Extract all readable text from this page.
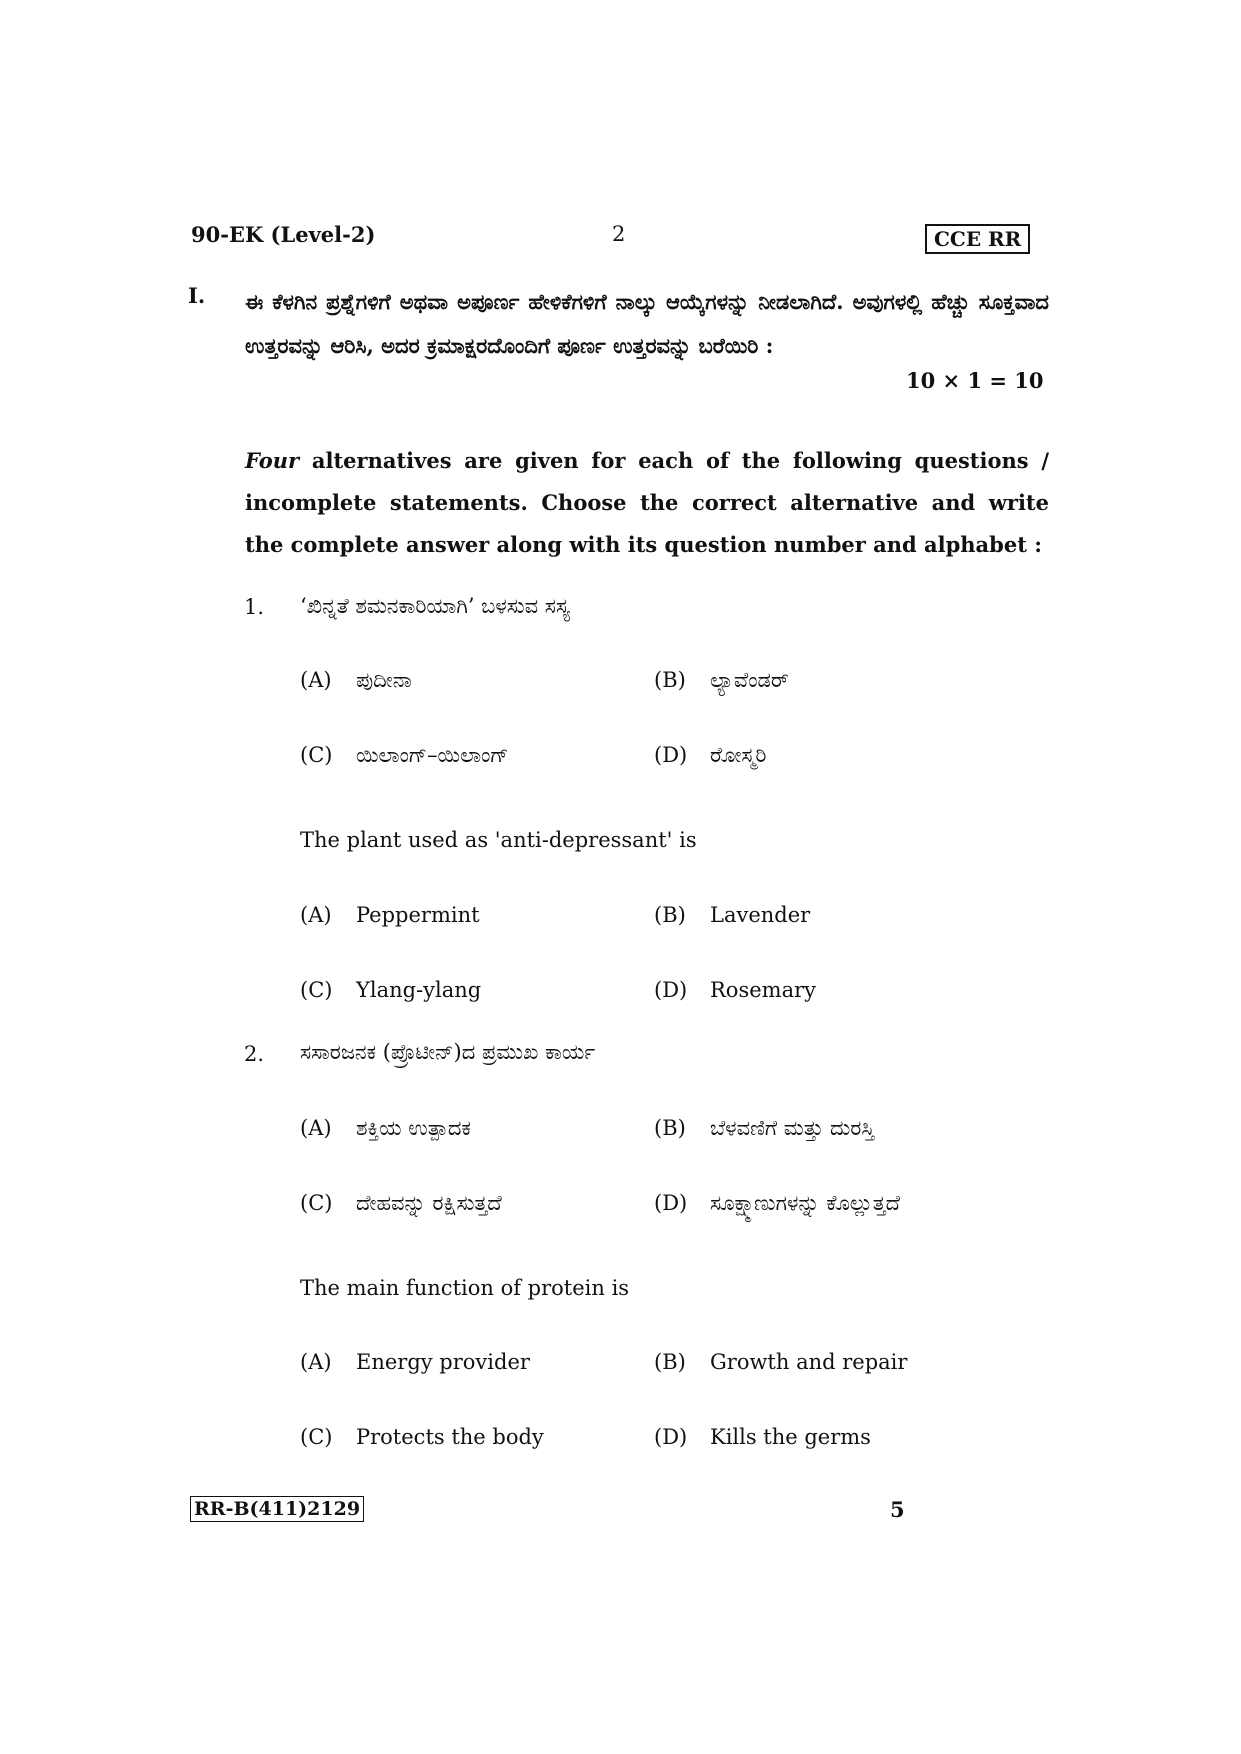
90-EK (Level-2)	2	CCE RR
I. ಈ ಕೆಳಗಿನ ಪ್ರಶ್ನೆಗಳಿಗೆ ಅಥವಾ ಅಪೂರ್ಣ ಹೇಳಿಕೆಗಳಿಗೆ ನಾಲ್ಕು ಆಯ್ಕೆಗಳನ್ನು ನೀಡಲಾಗಿದೆ. ಅವುಗಳಲ್ಲಿ ಹೆಚ್ಚು ಸೂಕ್ತವಾದ ಉತ್ತರವನ್ನು ಆರಿಸಿ, ಅದರ ಕ್ರಮಾಕ್ಷರದೊಂದಿಗೆ ಪೂರ್ಣ ಉತ್ತರವನ್ನು ಬರೆಯಿರಿ :
10 × 1 = 10
Four alternatives are given for each of the following questions / incomplete statements. Choose the correct alternative and write the complete answer along with its question number and alphabet :
1. ‘ಖಿನ್ನತೆ ಶಮನಕಾರಿಯಾಗಿ’ ಬಳಸುವ ಸಸ್ಯ
(A) ಪುದೀನಾ	(B) ಲ್ಯಾವೆಂಡರ್
(C) ಯಿಲಾಂಗ್–ಯಿಲಾಂಗ್	(D) ರೋಸ್ಮರಿ
The plant used as 'anti-depressant' is
(A) Peppermint	(B) Lavender
(C) Ylang-ylang	(D) Rosemary
2. ಸಸಾರಜನಕ (ಪ್ರೊಟೀನ್)ದ ಪ್ರಮುಖ ಕಾರ್ಯ
(A) ಶಕ್ತಿಯ ಉತ್ಪಾದಕ	(B) ಬೆಳವಣಿಗೆ ಮತ್ತು ದುರಸ್ತಿ
(C) ದೇಹವನ್ನು ರಕ್ಷಿಸುತ್ತದೆ	(D) ಸೂಕ್ಷ್ಮಾಣುಗಳನ್ನು ಕೊಲ್ಲುತ್ತದೆ
The main function of protein is
(A) Energy provider	(B) Growth and repair
(C) Protects the body	(D) Kills the germs
RR-B(411)2129	5
